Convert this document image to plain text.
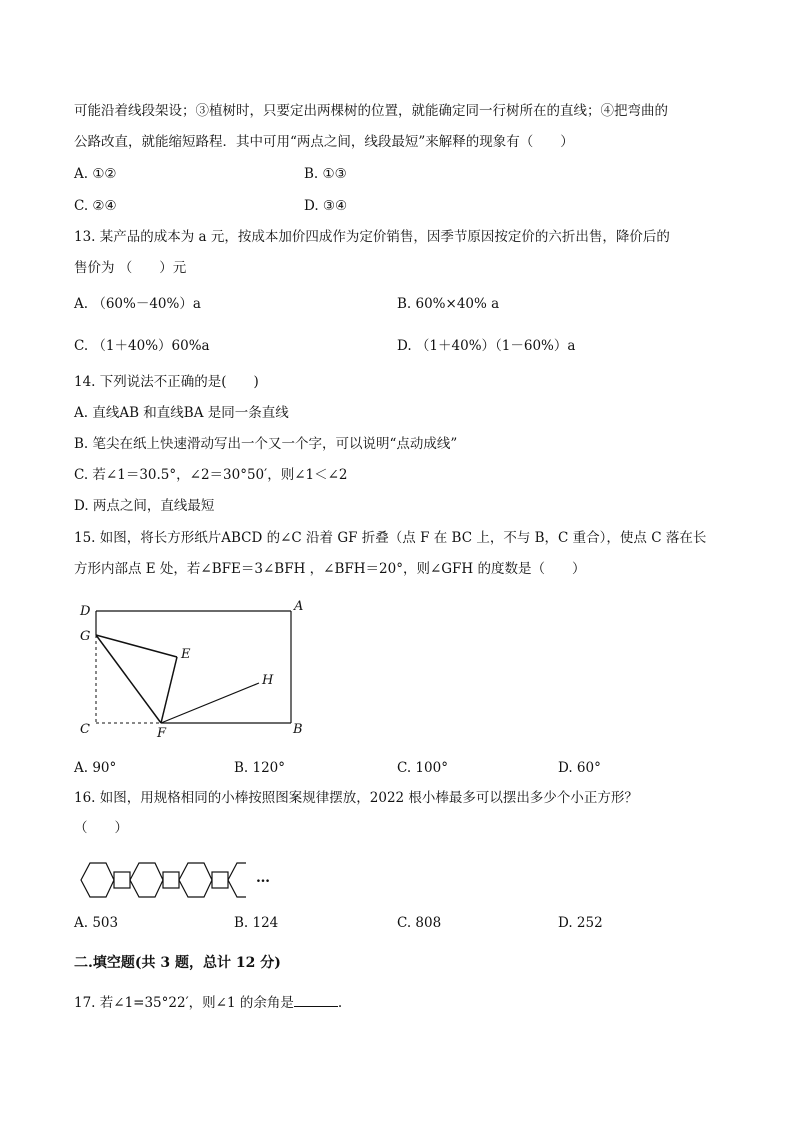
可能沿着线段架设；③植树时，只要定出两棵树的位置，就能确定同一行树所在的直线；④把弯曲的
公路改直，就能缩短路程．其中可用“两点之间，线段最短”来解释的现象有（　　）
A. ①②	B. ①③
C. ②④	D. ③④
13. 某产品的成本为 a 元，按成本加价四成作为定价销售，因季节原因按定价的六折出售，降价后的
售价为 （　　）元
A. （60%－40%）a	B. 60%×40% a
C. （1＋40%）60%a	D. （1＋40%）（1－60%）a
14. 下列说法不正确的是(　　)
A. 直线AB 和直线BA 是同一条直线
B. 笔尖在纸上快速滑动写出一个又一个字，可以说明“点动成线”
C. 若∠1＝30.5°，∠2＝30°50′，则∠1＜∠2
D. 两点之间，直线最短
15. 如图，将长方形纸片ABCD 的∠C 沿着 GF 折叠（点 F 在 BC 上，不与 B，C 重合），使点 C 落在长
方形内部点 E 处，若∠BFE＝3∠BFH ，∠BFH＝20°，则∠GFH 的度数是（　　）
D	A
G
E
H
C	F	B
A. 90°	B. 120°	C. 100°	D. 60°
16. 如图，用规格相同的小棒按照图案规律摆放，2022 根小棒最多可以摆出多少个小正方形？
（　　）
…
A. 503	B. 124	C. 808	D. 252
二.填空题(共 3 题，总计 12 分)
17. 若∠1=35°22′，则∠1 的余角是	.
